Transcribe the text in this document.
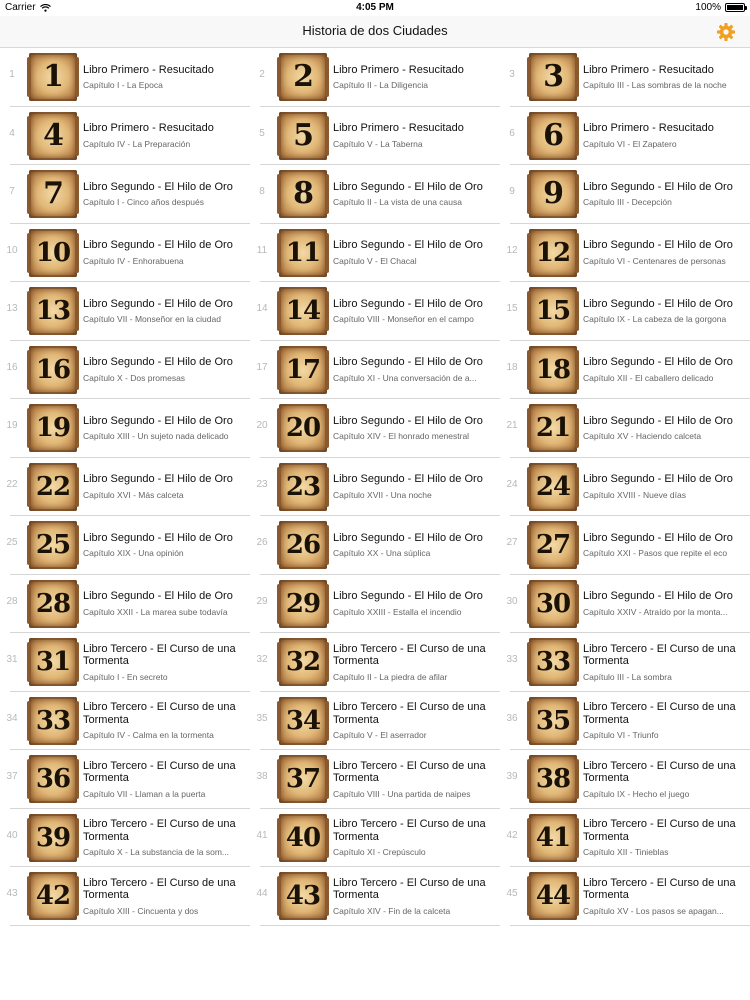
Carrier	4:05 PM	100%
Historia de dos Ciudades
1 1	Libro Primero - Resucitado
Capítulo I - La Epoca
2 2	Libro Primero - Resucitado
Capítulo II - La Diligencia
3 3	Libro Primero - Resucitado
Capítulo III - Las sombras de la noche
4 4	Libro Primero - Resucitado
Capítulo IV - La Preparación
5 5	Libro Primero - Resucitado
Capítulo V - La Taberna
6 6	Libro Primero - Resucitado
Capítulo VI - El Zapatero
7 7	Libro Segundo - El Hilo de Oro
Capítulo I - Cinco años después
8 8	Libro Segundo - El Hilo de Oro
Capítulo II - La vista de una causa
9 9	Libro Segundo - El Hilo de Oro
Capítulo III - Decepción
10 10	Libro Segundo - El Hilo de Oro
Capítulo IV - Enhorabuena
11 11	Libro Segundo - El Hilo de Oro
Capítulo V - El Chacal
12 12	Libro Segundo - El Hilo de Oro
Capítulo VI - Centenares de personas
13 13	Libro Segundo - El Hilo de Oro
Capítulo VII - Monseñor en la ciudad
14 14	Libro Segundo - El Hilo de Oro
Capítulo VIII - Monseñor en el campo
15 15	Libro Segundo - El Hilo de Oro
Capítulo IX - La cabeza de la gorgona
16 16	Libro Segundo - El Hilo de Oro
Capítulo X - Dos promesas
17 17	Libro Segundo - El Hilo de Oro
Capítulo XI - Una conversación de a...
18 18	Libro Segundo - El Hilo de Oro
Capítulo XII - El caballero delicado
19 19	Libro Segundo - El Hilo de Oro
Capítulo XIII - Un sujeto nada delicado
20 20	Libro Segundo - El Hilo de Oro
Capítulo XIV - El honrado menestral
21 21	Libro Segundo - El Hilo de Oro
Capítulo XV - Haciendo calceta
22 22	Libro Segundo - El Hilo de Oro
Capítulo XVI - Más calceta
23 23	Libro Segundo - El Hilo de Oro
Capítulo XVII - Una noche
24 24	Libro Segundo - El Hilo de Oro
Capítulo XVIII - Nueve días
25 25	Libro Segundo - El Hilo de Oro
Capítulo XIX - Una opinión
26 26	Libro Segundo - El Hilo de Oro
Capítulo XX - Una súplica
27 27	Libro Segundo - El Hilo de Oro
Capítulo XXI - Pasos que repite el eco
28 28	Libro Segundo - El Hilo de Oro
Capítulo XXII - La marea sube todavía
29 29	Libro Segundo - El Hilo de Oro
Capítulo XXIII - Estalla el incendio
30 30	Libro Segundo - El Hilo de Oro
Capítulo XXIV - Atraído por la monta...
31 31	Libro Tercero - El Curso de una Tormenta
Capítulo I - En secreto
32 32	Libro Tercero - El Curso de una Tormenta
Capítulo II - La piedra de afilar
33 33	Libro Tercero - El Curso de una Tormenta
Capítulo III - La sombra
34 33	Libro Tercero - El Curso de una Tormenta
Capítulo IV - Calma en la tormenta
35 34	Libro Tercero - El Curso de una Tormenta
Capítulo V - El aserrador
36 35	Libro Tercero - El Curso de una Tormenta
Capítulo VI - Triunfo
37 36	Libro Tercero - El Curso de una Tormenta
Capítulo VII - Llaman a la puerta
38 37	Libro Tercero - El Curso de una Tormenta
Capítulo VIII - Una partida de naipes
39 38	Libro Tercero - El Curso de una Tormenta
Capítulo IX - Hecho el juego
40 39	Libro Tercero - El Curso de una Tormenta
Capítulo X - La substancia de la som...
41 40	Libro Tercero - El Curso de una Tormenta
Capítulo XI - Crepúsculo
42 41	Libro Tercero - El Curso de una Tormenta
Capítulo XII - Tinieblas
43 42	Libro Tercero - El Curso de una Tormenta
Capítulo XIII - Cincuenta y dos
44 43	Libro Tercero - El Curso de una Tormenta
Capítulo XIV - Fin de la calceta
45 44	Libro Tercero - El Curso de una Tormenta
Capítulo XV - Los pasos se apagan...
